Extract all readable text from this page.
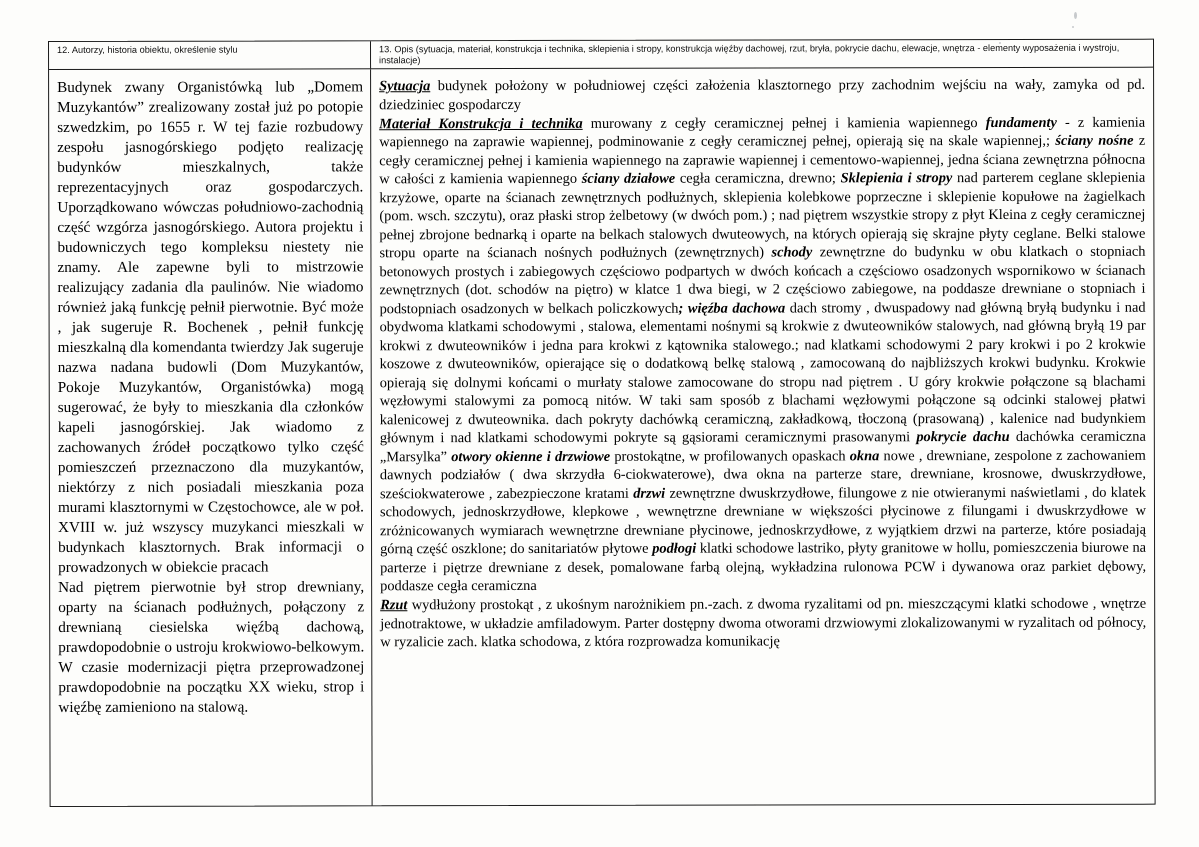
12. Autorzy, historia obiektu, określenie stylu	13. Opis (sytuacja, materiał, konstrukcja i technika, sklepienia i stropy, konstrukcja więźby dachowej, rzut, bryła, pokrycie dachu, elewacje, wnętrza - elementy wyposażenia i wystroju, instalacje)

Budynek zwany Organistówką lub „Domem Muzykantów” zrealizowany został już po potopie szwedzkim, po 1655 r. W tej fazie rozbudowy zespołu jasnogórskiego podjęto realizację budynków mieszkalnych, także reprezentacyjnych oraz gospodarczych. Uporządkowano wówczas południowo-zachodnią część wzgórza jasnogórskiego. Autora projektu i budowniczych tego kompleksu niestety nie znamy. Ale zapewne byli to mistrzowie realizujący zadania dla paulinów. Nie wiadomo również jaką funkcję pełnił pierwotnie. Być może , jak sugeruje R. Bochenek , pełnił funkcję mieszkalną dla komendanta twierdzy Jak sugeruje nazwa nadana budowli (Dom Muzykantów, Pokoje Muzykantów, Organistówka) mogą sugerować, że były to mieszkania dla członków kapeli jasnogórskiej. Jak wiadomo z zachowanych źródeł początkowo tylko część pomieszczeń przeznaczono dla muzykantów, niektórzy z nich posiadali mieszkania poza murami klasztornymi w Częstochowce, ale w poł. XVIII w. już wszyscy muzykanci mieszkali w budynkach klasztornych. Brak informacji o prowadzonych w obiekcie pracach

Nad piętrem pierwotnie był strop drewniany, oparty na ścianach podłużnych, połączony z drewnianą ciesielska więźbą dachową, prawdopodobnie o ustroju krokwiowo-belkowym. W czasie modernizacji piętra przeprowadzonej prawdopodobnie na początku XX wieku, strop i więźbę zamieniono na stalową.

Sytuacja budynek położony w południowej części założenia klasztornego przy zachodnim wejściu na wały, zamyka od pd. dziedziniec gospodarczy

Materiał Konstrukcja i technika murowany z cegły ceramicznej pełnej i kamienia wapiennego fundamenty - z kamienia wapiennego na zaprawie wapiennej, podminowanie z cegły ceramicznej pełnej, opierają się na skale wapiennej,; ściany nośne z cegły ceramicznej pełnej i kamienia wapiennego na zaprawie wapiennej i cementowo-wapiennej, jedna ściana zewnętrzna północna w całości z kamienia wapiennego ściany działowe cegła ceramiczna, drewno; Sklepienia i stropy nad parterem ceglane sklepienia krzyżowe, oparte na ścianach zewnętrznych podłużnych, sklepienia kolebkowe poprzeczne i sklepienie kopułowe na żagielkach (pom. wsch. szczytu), oraz płaski strop żelbetowy (w dwóch pom.) ; nad piętrem wszystkie stropy z płyt Kleina z cegły ceramicznej pełnej zbrojone bednarką i oparte na belkach stalowych dwuteowych, na których opierają się skrajne płyty ceglane. Belki stalowe stropu oparte na ścianach nośnych podłużnych (zewnętrznych) schody zewnętrzne do budynku w obu klatkach o stopniach betonowych prostych i zabiegowych częściowo podpartych w dwóch końcach a częściowo osadzonych wspornikowo w ścianach zewnętrznych (dot. schodów na piętro) w klatce 1 dwa biegi, w 2 częściowo zabiegowe, na poddasze drewniane o stopniach i podstopniach osadzonych w belkach policzkowych; więźba dachowa dach stromy , dwuspadowy nad główną bryłą budynku i nad obydwoma klatkami schodowymi , stalowa, elementami nośnymi są krokwie z dwuteowników stalowych, nad główną bryłą 19 par krokwi z dwuteowników i jedna para krokwi z kątownika stalowego.; nad klatkami schodowymi 2 pary krokwi i po 2 krokwie koszowe z dwuteowników, opierające się o dodatkową belkę stalową , zamocowaną do najbliższych krokwi budynku. Krokwie opierają się dolnymi końcami o murłaty stalowe zamocowane do stropu nad piętrem . U góry krokwie połączone są blachami węzłowymi stalowymi za pomocą nitów. W taki sam sposób z blachami węzłowymi połączone są odcinki stalowej płatwi kalenicowej z dwuteownika. dach pokryty dachówką ceramiczną, zakładkową, tłoczoną (prasowaną) , kalenice nad budynkiem głównym i nad klatkami schodowymi pokryte są gąsiorami ceramicznymi prasowanymi pokrycie dachu dachówka ceramiczna „Marsylka” otwory okienne i drzwiowe prostokątne, w profilowanych opaskach okna nowe , drewniane, zespolone z zachowaniem dawnych podziałów ( dwa skrzydła 6-ciokwaterowe), dwa okna na parterze stare, drewniane, krosnowe, dwuskrzydłowe, sześciokwaterowe , zabezpieczone kratami drzwi zewnętrzne dwuskrzydłowe, filungowe z nie otwieranymi naświetlami , do klatek schodowych, jednoskrzydłowe, klepkowe , wewnętrzne drewniane w większości płycinowe z filungami i dwuskrzydłowe w zróżnicowanych wymiarach wewnętrzne drewniane płycinowe, jednoskrzydłowe, z wyjątkiem drzwi na parterze, które posiadają górną część oszklone; do sanitariatów płytowe podłogi klatki schodowe lastriko, płyty granitowe w hollu, pomieszczenia biurowe na parterze i piętrze drewniane z desek, pomalowane farbą olejną, wykładzina rulonowa PCW i dywanowa oraz parkiet dębowy, poddasze cegła ceramiczna

Rzut wydłużony prostokąt , z ukośnym narożnikiem pn.-zach. z dwoma ryzalitami od pn. mieszczącymi klatki schodowe , wnętrze jednotraktowe, w układzie amfiladowym. Parter dostępny dwoma otworami drzwiowymi zlokalizowanymi w ryzalitach od północy, w ryzalicie zach. klatka schodowa, z która rozprowadza komunikację
